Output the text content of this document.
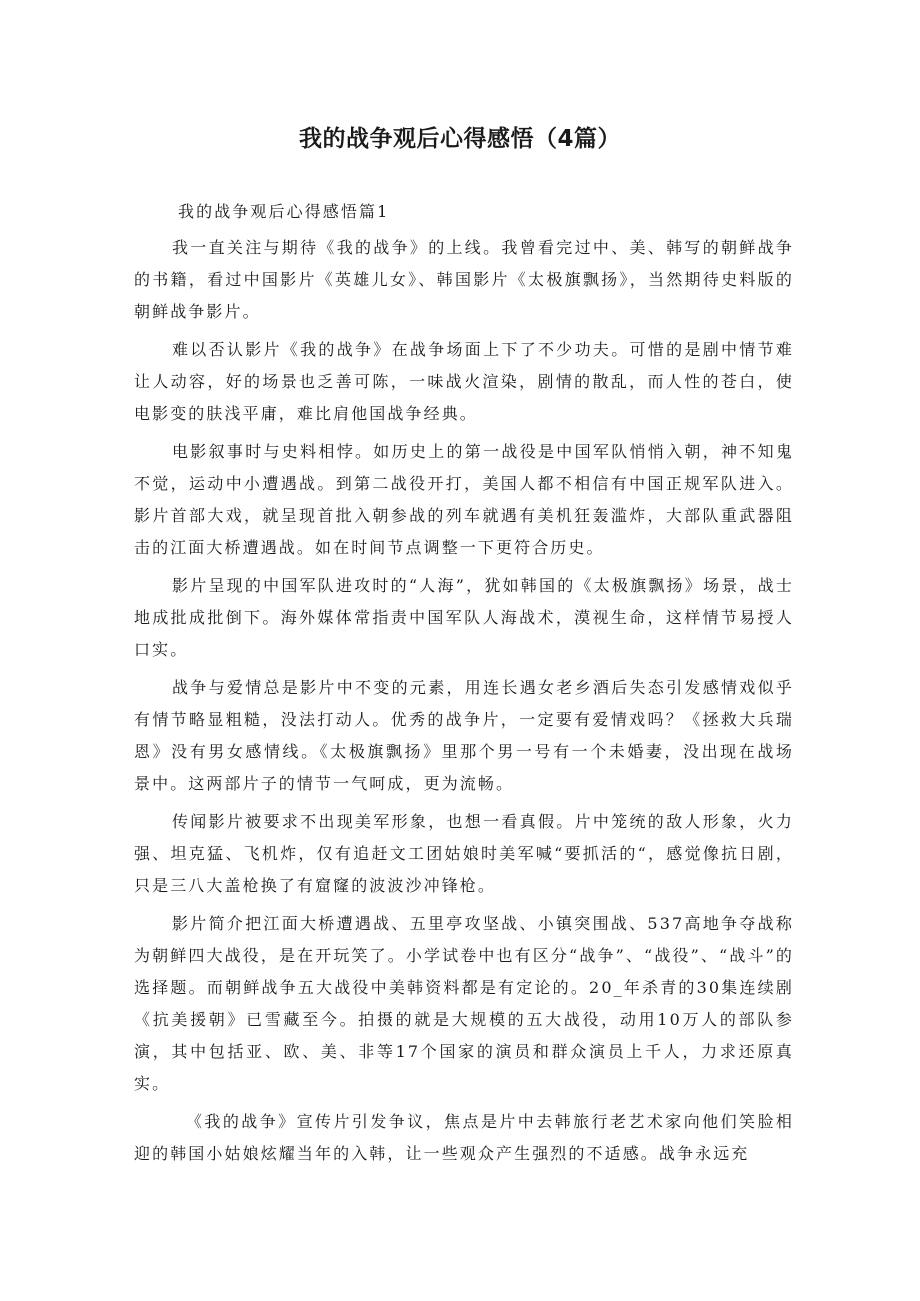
我的战争观后心得感悟（4篇）

我的战争观后心得感悟篇1

我一直关注与期待《我的战争》的上线。我曾看完过中、美、韩写的朝鲜战争的书籍，看过中国影片《英雄儿女》、韩国影片《太极旗飘扬》，当然期待史料版的朝鲜战争影片。

难以否认影片《我的战争》在战争场面上下了不少功夫。可惜的是剧中情节难让人动容，好的场景也乏善可陈，一味战火渲染，剧情的散乱，而人性的苍白，使电影变的肤浅平庸，难比肩他国战争经典。

电影叙事时与史料相悖。如历史上的第一战役是中国军队悄悄入朝，神不知鬼不觉，运动中小遭遇战。到第二战役开打，美国人都不相信有中国正规军队进入。影片首部大戏，就呈现首批入朝参战的列车就遇有美机狂轰滥炸，大部队重武器阻击的江面大桥遭遇战。如在时间节点调整一下更符合历史。

影片呈现的中国军队进攻时的“人海”，犹如韩国的《太极旗飘扬》场景，战士地成批成批倒下。海外媒体常指责中国军队人海战术，漠视生命，这样情节易授人口实。

战争与爱情总是影片中不变的元素，用连长遇女老乡酒后失态引发感情戏似乎有情节略显粗糙，没法打动人。优秀的战争片，一定要有爱情戏吗？《拯救大兵瑞恩》没有男女感情线。《太极旗飘扬》里那个男一号有一个未婚妻，没出现在战场景中。这两部片子的情节一气呵成，更为流畅。

传闻影片被要求不出现美军形象，也想一看真假。片中笼统的敌人形象，火力强、坦克猛、飞机炸，仅有追赶文工团姑娘时美军喊“要抓活的“，感觉像抗日剧，只是三八大盖枪换了有窟窿的波波沙冲锋枪。

影片简介把江面大桥遭遇战、五里亭攻坚战、小镇突围战、537高地争夺战称为朝鲜四大战役，是在开玩笑了。小学试卷中也有区分“战争”、“战役”、“战斗”的选择题。而朝鲜战争五大战役中美韩资料都是有定论的。20_年杀青的30集连续剧《抗美援朝》已雪藏至今。拍摄的就是大规模的五大战役，动用10万人的部队参演，其中包括亚、欧、美、非等17个国家的演员和群众演员上千人，力求还原真实。

《我的战争》宣传片引发争议，焦点是片中去韩旅行老艺术家向他们笑脸相迎的韩国小姑娘炫耀当年的入韩，让一些观众产生强烈的不适感。战争永远充
